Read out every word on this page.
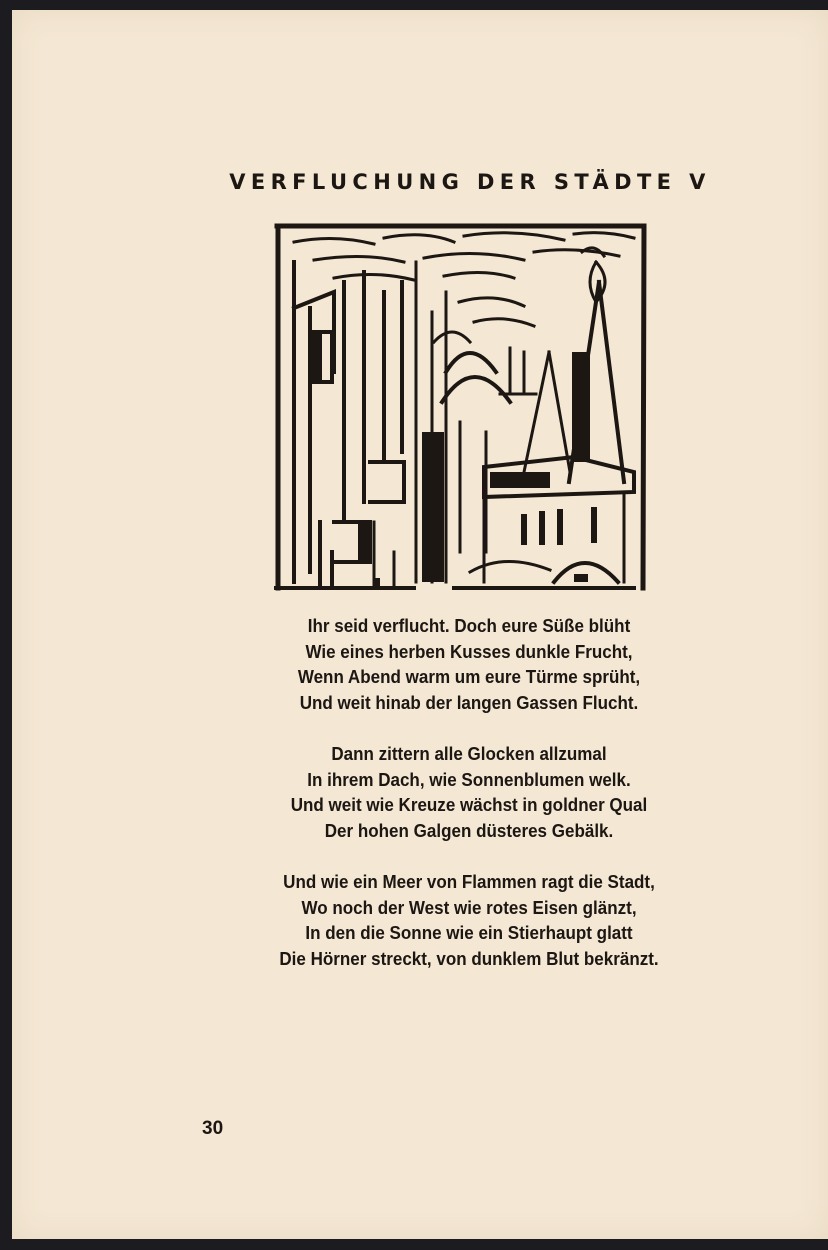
VERFLUCHUNG DER STÄDTE V
Ihr seid verflucht. Doch eure Süße blüht
Wie eines herben Kusses dunkle Frucht,
Wenn Abend warm um eure Türme sprüht,
Und weit hinab der langen Gassen Flucht.
Dann zittern alle Glocken allzumal
In ihrem Dach, wie Sonnenblumen welk.
Und weit wie Kreuze wächst in goldner Qual
Der hohen Galgen düsteres Gebälk.
Und wie ein Meer von Flammen ragt die Stadt,
Wo noch der West wie rotes Eisen glänzt,
In den die Sonne wie ein Stierhaupt glatt
Die Hörner streckt, von dunklem Blut bekränzt.
30
